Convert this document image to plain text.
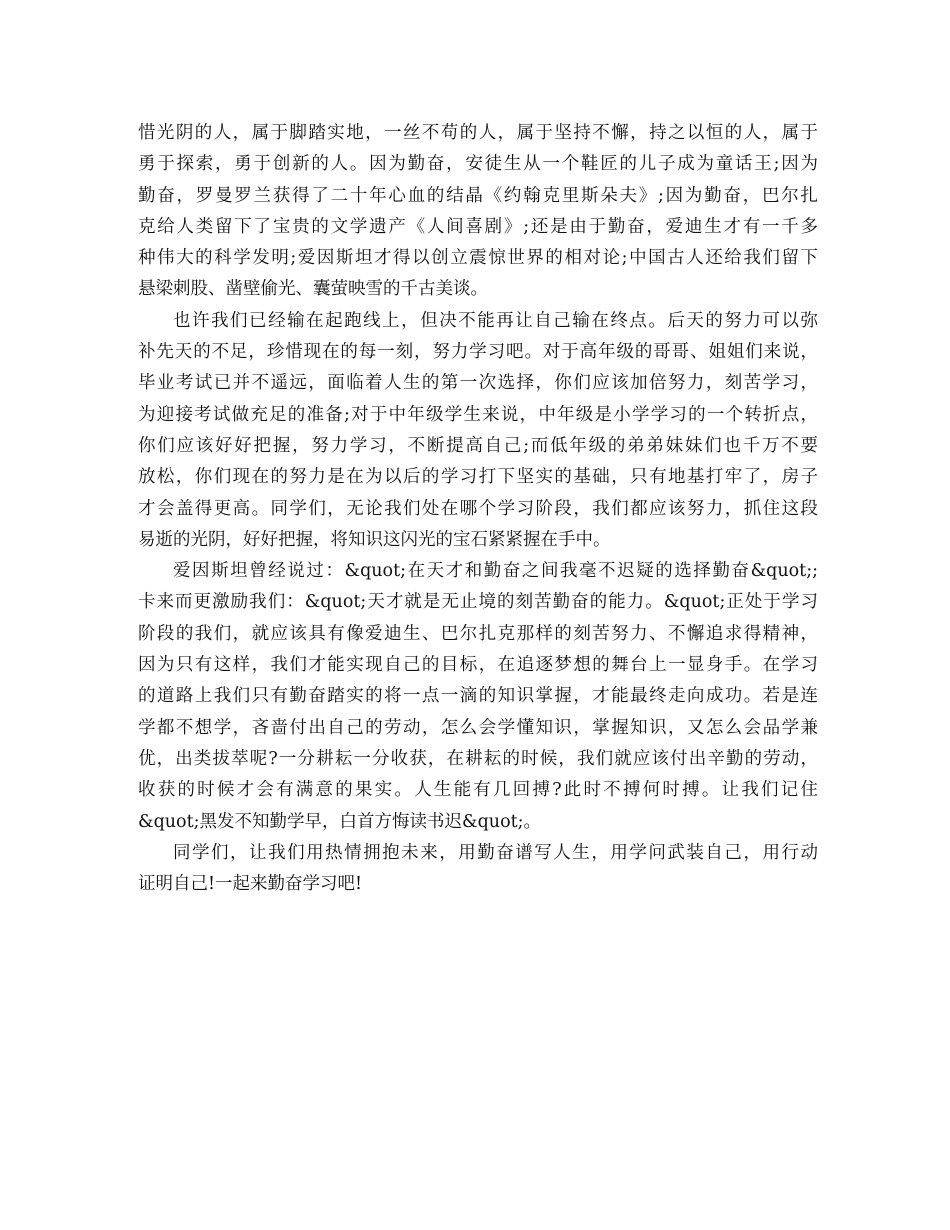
惜光阴的人，属于脚踏实地，一丝不苟的人，属于坚持不懈，持之以恒的人，属于
勇于探索，勇于创新的人。因为勤奋，安徒生从一个鞋匠的儿子成为童话王;因为
勤奋，罗曼罗兰获得了二十年心血的结晶《约翰克里斯朵夫》;因为勤奋，巴尔扎
克给人类留下了宝贵的文学遗产《人间喜剧》;还是由于勤奋，爱迪生才有一千多
种伟大的科学发明;爱因斯坦才得以创立震惊世界的相对论;中国古人还给我们留下
悬梁刺股、凿壁偷光、囊萤映雪的千古美谈。
也许我们已经输在起跑线上，但决不能再让自己输在终点。后天的努力可以弥
补先天的不足，珍惜现在的每一刻，努力学习吧。对于高年级的哥哥、姐姐们来说，
毕业考试已并不遥远，面临着人生的第一次选择，你们应该加倍努力，刻苦学习，
为迎接考试做充足的准备;对于中年级学生来说，中年级是小学学习的一个转折点，
你们应该好好把握，努力学习，不断提高自己;而低年级的弟弟妹妹们也千万不要
放松，你们现在的努力是在为以后的学习打下坚实的基础，只有地基打牢了，房子
才会盖得更高。同学们，无论我们处在哪个学习阶段，我们都应该努力，抓住这段
易逝的光阴，好好把握，将知识这闪光的宝石紧紧握在手中。
爱因斯坦曾经说过：&quot;在天才和勤奋之间我毫不迟疑的选择勤奋&quot;;
卡来而更激励我们：&quot;天才就是无止境的刻苦勤奋的能力。&quot;正处于学习
阶段的我们，就应该具有像爱迪生、巴尔扎克那样的刻苦努力、不懈追求得精神，
因为只有这样，我们才能实现自己的目标，在追逐梦想的舞台上一显身手。在学习
的道路上我们只有勤奋踏实的将一点一滴的知识掌握，才能最终走向成功。若是连
学都不想学，吝啬付出自己的劳动，怎么会学懂知识，掌握知识，又怎么会品学兼
优，出类拔萃呢?一分耕耘一分收获，在耕耘的时候，我们就应该付出辛勤的劳动，
收获的时候才会有满意的果实。人生能有几回搏?此时不搏何时搏。让我们记住
&quot;黑发不知勤学早，白首方悔读书迟&quot;。
同学们，让我们用热情拥抱未来，用勤奋谱写人生，用学问武装自己，用行动
证明自己!一起来勤奋学习吧!
